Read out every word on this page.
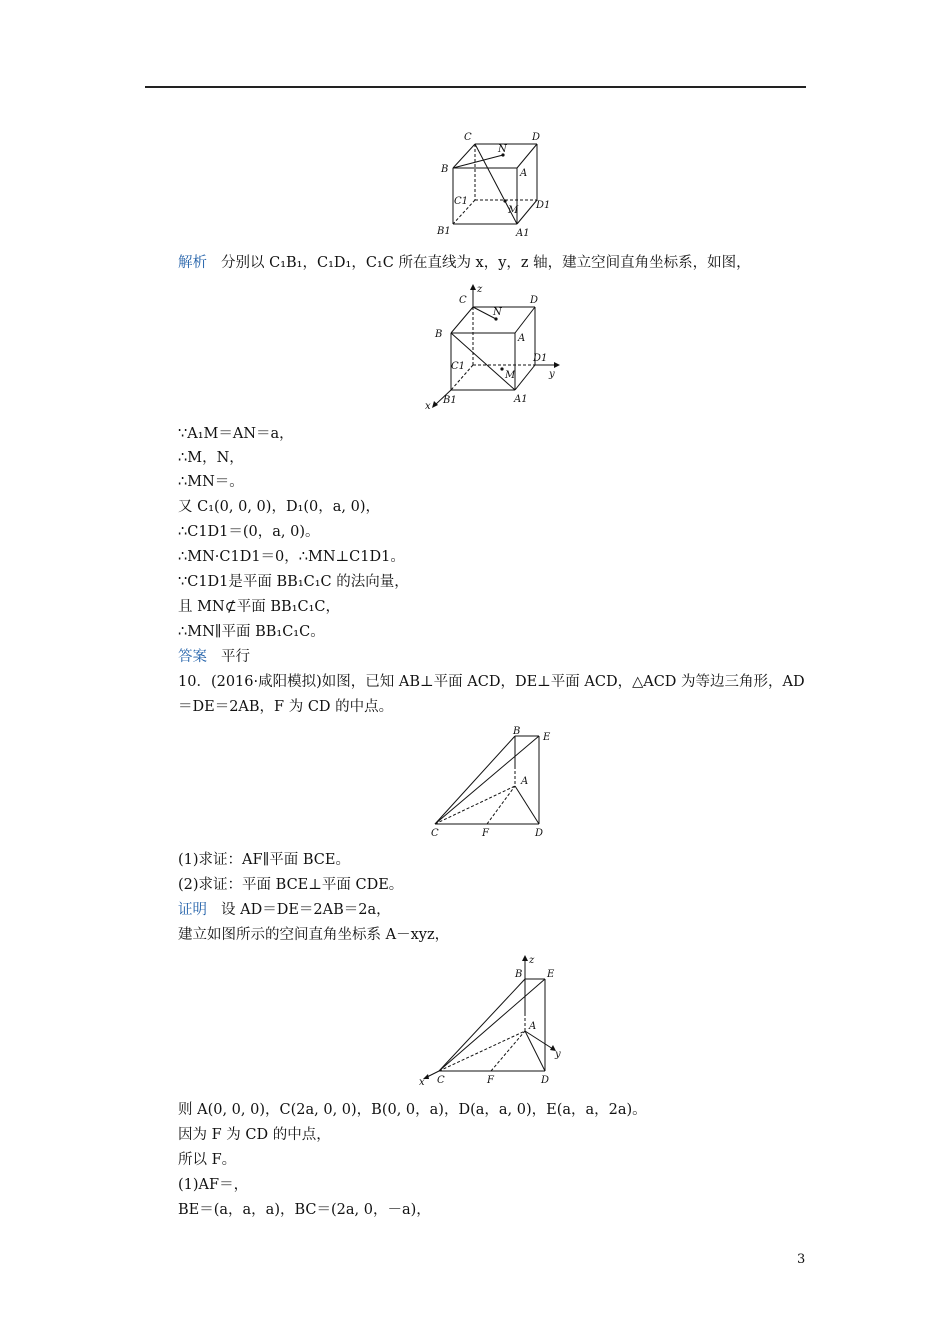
C	D
B
N
A
C1	D1
M
B1	A1
解析 分别以 C₁B₁，C₁D₁，C₁C 所在直线为 x，y，z 轴，建立空间直角坐标系，如图，
z
C	D
B
N
A
C1
D1
y
M
x
B1	A1
∵A₁M＝AN＝a，
∴M，N，
∴MN＝。
又 C₁(0, 0, 0)，D₁(0，a, 0)，
∴C1D1＝(0，a, 0)。
∴MN·C1D1＝0，∴MN⊥C1D1。
∵C1D1是平面 BB₁C₁C 的法向量，
且 MN⊄平面 BB₁C₁C，
∴MN∥平面 BB₁C₁C。
答案 平行
10．(2016·咸阳模拟)如图，已知 AB⊥平面 ACD，DE⊥平面 ACD，△ACD 为等边三角形，AD
＝DE＝2AB，F 为 CD 的中点。
B
E
A
C	F	D
(1)求证：AF∥平面 BCE。
(2)求证：平面 BCE⊥平面 CDE。
证明 设 AD＝DE＝2AB＝2a，
建立如图所示的空间直角坐标系 A－xyz，
z
B E
A
y
x C	F	D
则 A(0, 0, 0)，C(2a, 0, 0)，B(0, 0，a)，D(a，a, 0)，E(a，a，2a)。
因为 F 为 CD 的中点，
所以 F。
(1)AF＝，
BE＝(a，a，a)，BC＝(2a, 0，－a)，
3
